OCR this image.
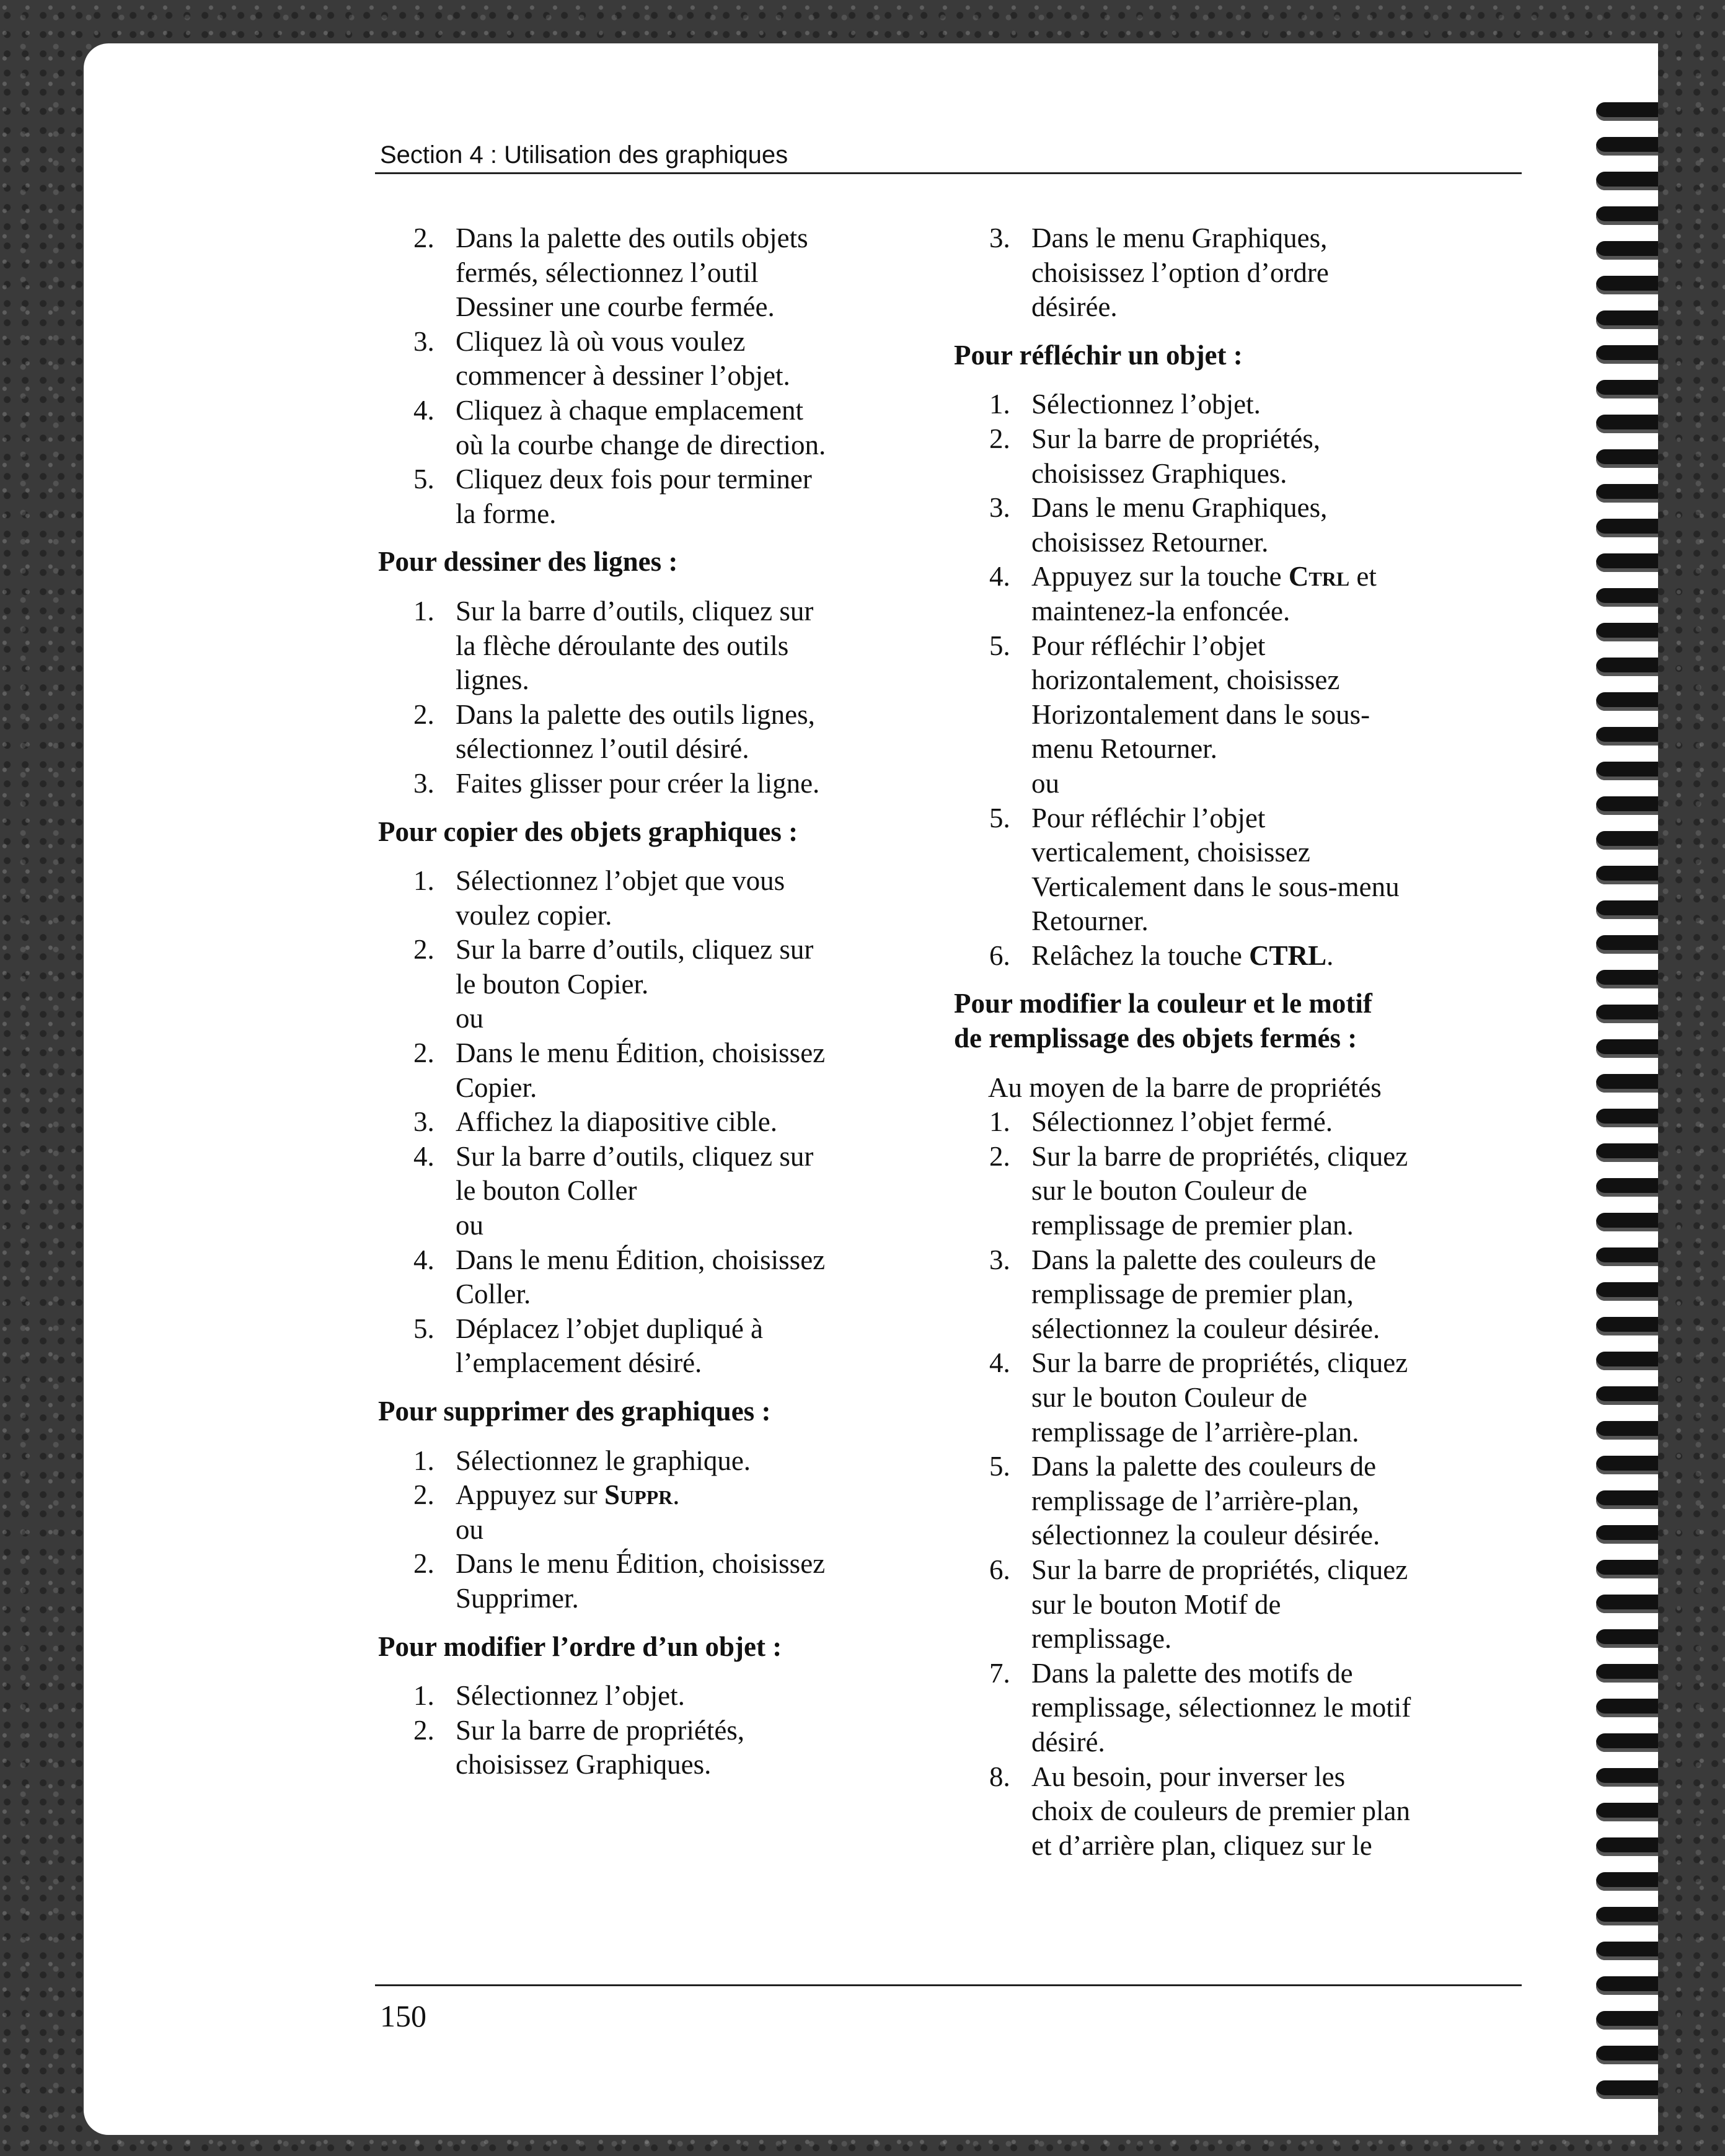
Section 4 : Utilisation des graphiques
2. Dans la palette des outils objets
fermés, sélectionnez l’outil
Dessiner une courbe fermée.
3. Cliquez là où vous voulez
commencer à dessiner l’objet.
4. Cliquez à chaque emplacement
où la courbe change de direction.
5. Cliquez deux fois pour terminer
la forme.
Pour dessiner des lignes :
1. Sur la barre d’outils, cliquez sur
la flèche déroulante des outils
lignes.
2. Dans la palette des outils lignes,
sélectionnez l’outil désiré.
3. Faites glisser pour créer la ligne.
Pour copier des objets graphiques :
1. Sélectionnez l’objet que vous
voulez copier.
2. Sur la barre d’outils, cliquez sur
le bouton Copier.
ou
2. Dans le menu Édition, choisissez
Copier.
3. Affichez la diapositive cible.
4. Sur la barre d’outils, cliquez sur
le bouton Coller
ou
4. Dans le menu Édition, choisissez
Coller.
5. Déplacez l’objet dupliqué à
l’emplacement désiré.
Pour supprimer des graphiques :
1. Sélectionnez le graphique.
2. Appuyez sur Suppr.
ou
2. Dans le menu Édition, choisissez
Supprimer.
Pour modifier l’ordre d’un objet :
1. Sélectionnez l’objet.
2. Sur la barre de propriétés,
choisissez Graphiques.
3. Dans le menu Graphiques,
choisissez l’option d’ordre
désirée.
Pour réfléchir un objet :
1. Sélectionnez l’objet.
2. Sur la barre de propriétés,
choisissez Graphiques.
3. Dans le menu Graphiques,
choisissez Retourner.
4. Appuyez sur la touche Ctrl et
maintenez-la enfoncée.
5. Pour réfléchir l’objet
horizontalement, choisissez
Horizontalement dans le sous-
menu Retourner.
ou
5. Pour réfléchir l’objet
verticalement, choisissez
Verticalement dans le sous-menu
Retourner.
6. Relâchez la touche CTRL.
Pour modifier la couleur et le motif
de remplissage des objets fermés :
Au moyen de la barre de propriétés
1. Sélectionnez l’objet fermé.
2. Sur la barre de propriétés, cliquez
sur le bouton Couleur de
remplissage de premier plan.
3. Dans la palette des couleurs de
remplissage de premier plan,
sélectionnez la couleur désirée.
4. Sur la barre de propriétés, cliquez
sur le bouton Couleur de
remplissage de l’arrière-plan.
5. Dans la palette des couleurs de
remplissage de l’arrière-plan,
sélectionnez la couleur désirée.
6. Sur la barre de propriétés, cliquez
sur le bouton Motif de
remplissage.
7. Dans la palette des motifs de
remplissage, sélectionnez le motif
désiré.
8. Au besoin, pour inverser les
choix de couleurs de premier plan
et d’arrière plan, cliquez sur le
150
